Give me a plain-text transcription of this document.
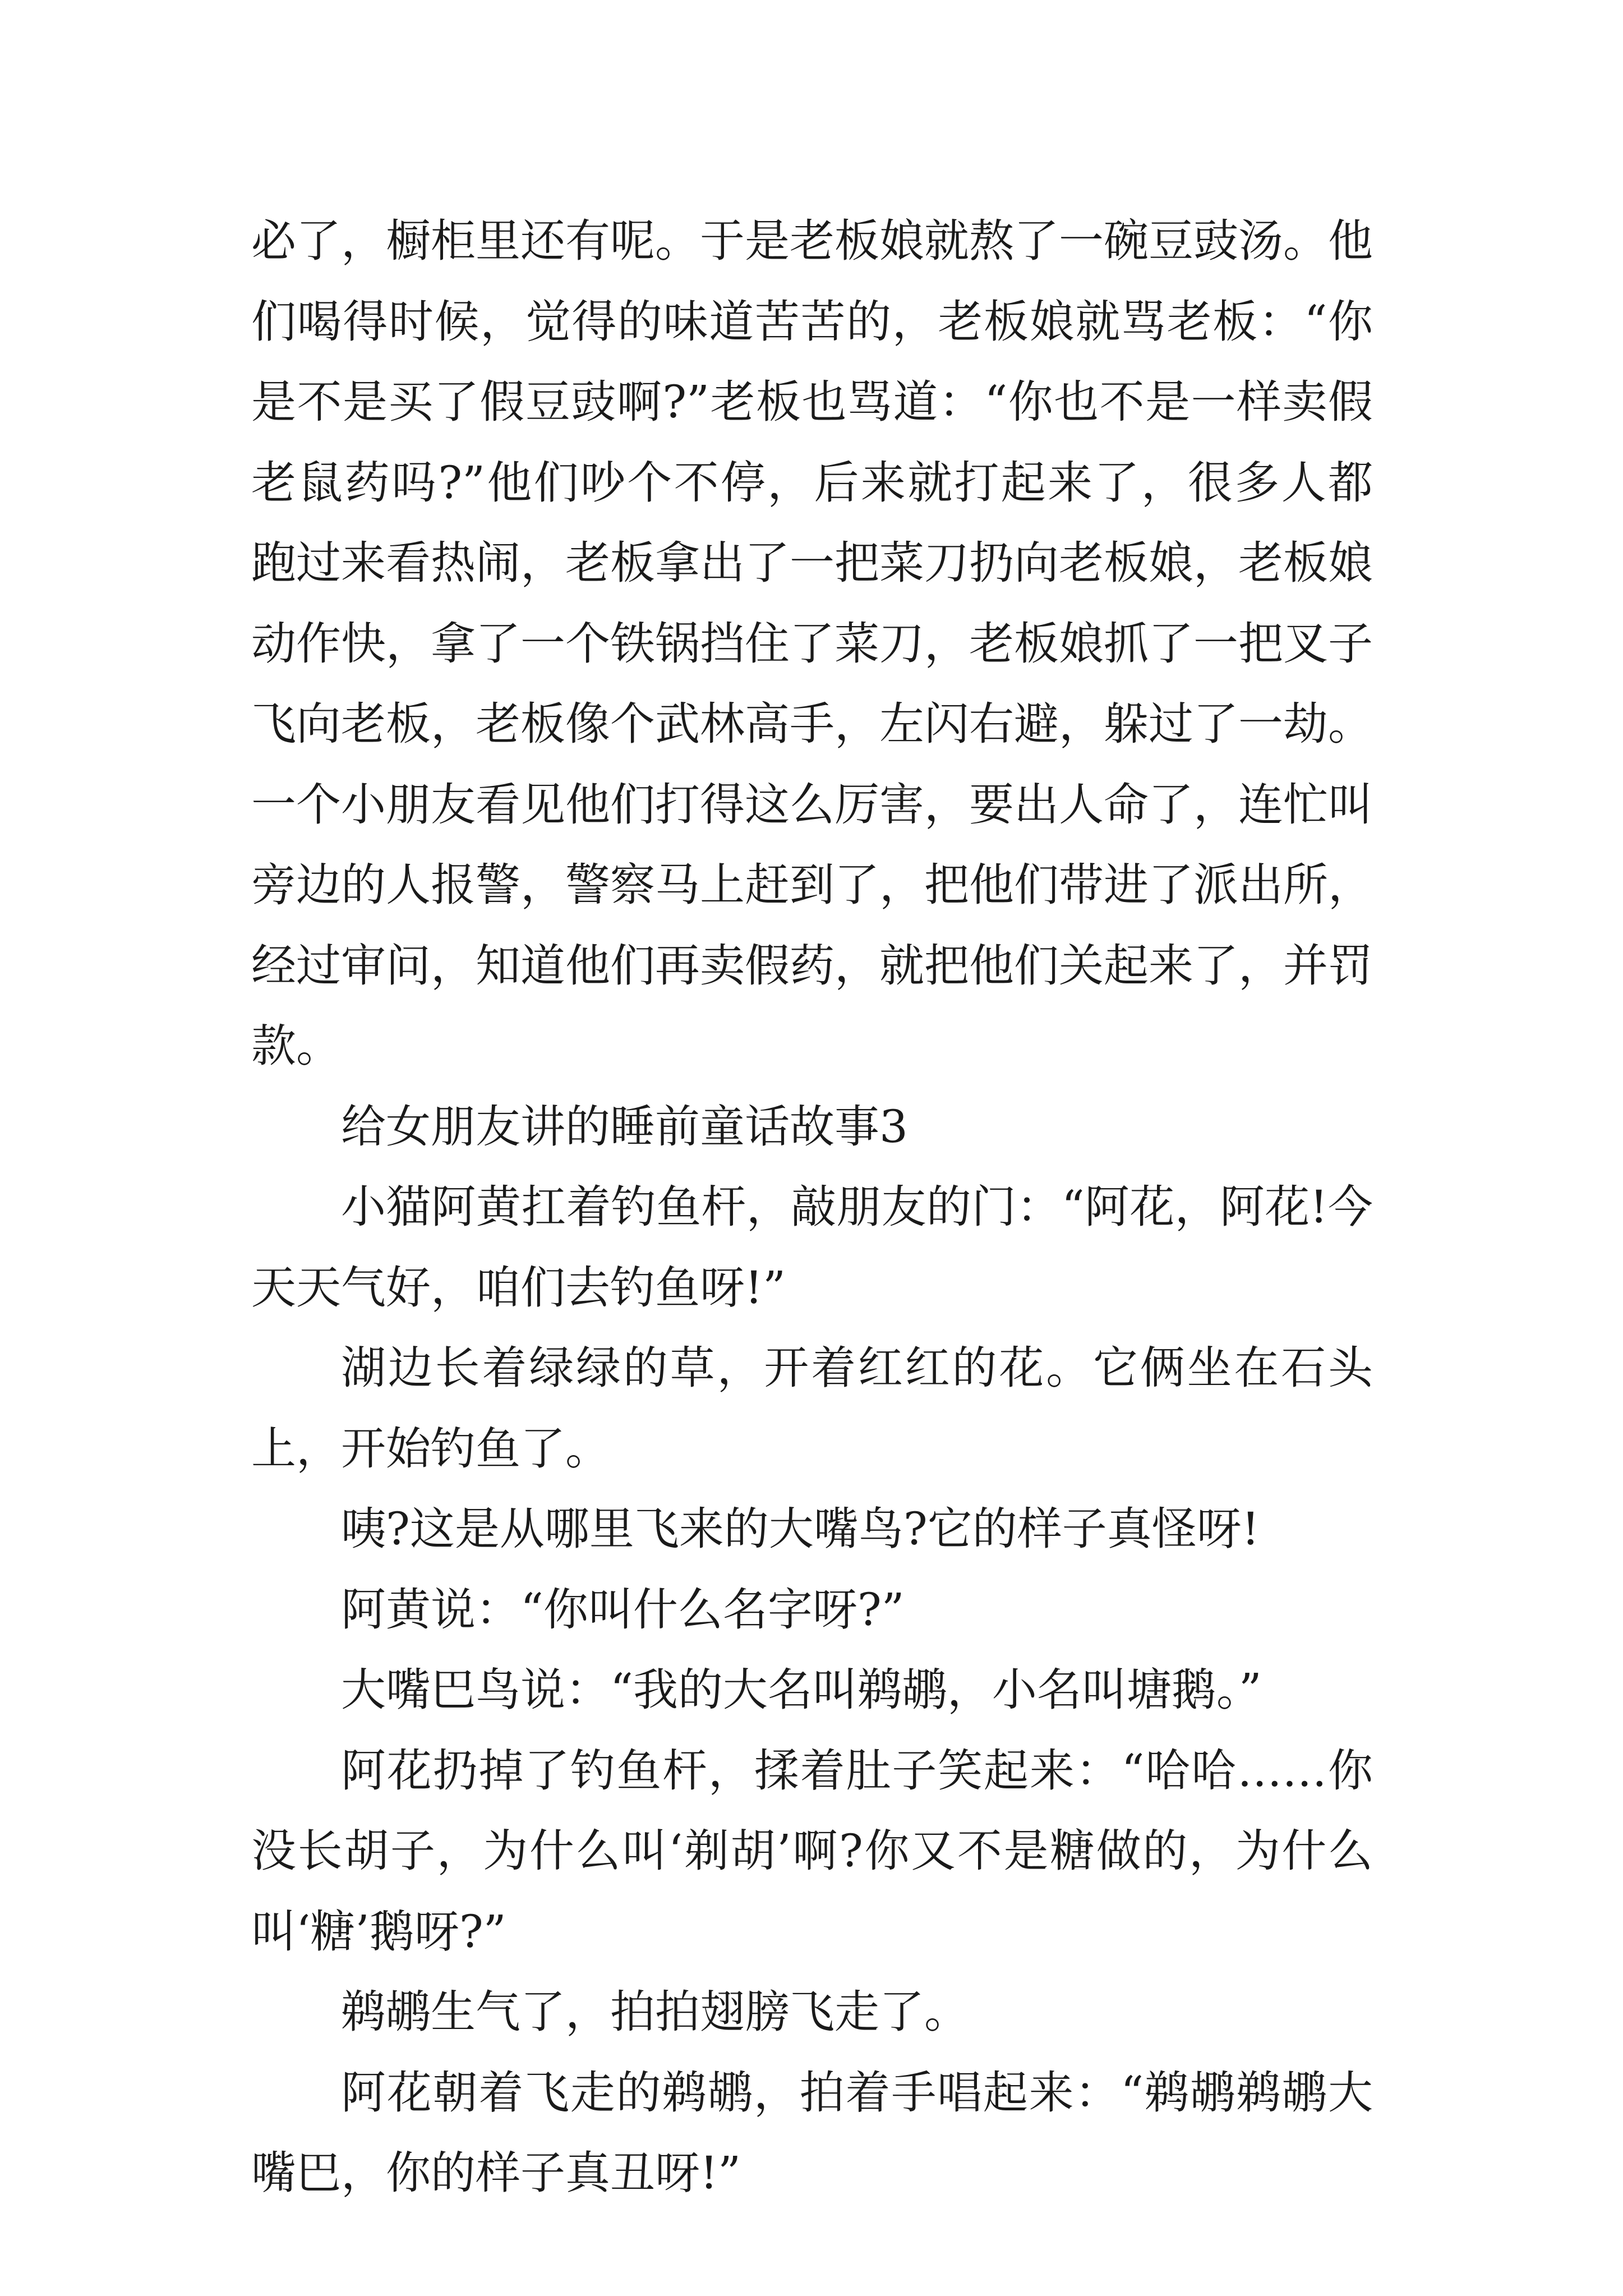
必了，橱柜里还有呢。于是老板娘就熬了一碗豆豉汤。他们喝得时候，觉得的味道苦苦的，老板娘就骂老板：“你是不是买了假豆豉啊?”老板也骂道：“你也不是一样卖假老鼠药吗?”他们吵个不停，后来就打起来了，很多人都跑过来看热闹，老板拿出了一把菜刀扔向老板娘，老板娘动作快，拿了一个铁锅挡住了菜刀，老板娘抓了一把叉子飞向老板，老板像个武林高手，左闪右避，躲过了一劫。一个小朋友看见他们打得这么厉害，要出人命了，连忙叫旁边的人报警，警察马上赶到了，把他们带进了派出所，经过审问，知道他们再卖假药，就把他们关起来了，并罚款。

给女朋友讲的睡前童话故事3

小猫阿黄扛着钓鱼杆，敲朋友的门：“阿花，阿花!今天天气好，咱们去钓鱼呀!”

湖边长着绿绿的草，开着红红的花。它俩坐在石头上，开始钓鱼了。

咦?这是从哪里飞来的大嘴鸟?它的样子真怪呀!

阿黄说：“你叫什么名字呀?”

大嘴巴鸟说：“我的大名叫鹈鹕，小名叫塘鹅。”

阿花扔掉了钓鱼杆，揉着肚子笑起来：“哈哈……你没长胡子，为什么叫‘剃胡’啊?你又不是糖做的，为什么叫‘糖’鹅呀?”

鹈鹕生气了，拍拍翅膀飞走了。

阿花朝着飞走的鹈鹕，拍着手唱起来：“鹈鹕鹈鹕大嘴巴，你的样子真丑呀!”
